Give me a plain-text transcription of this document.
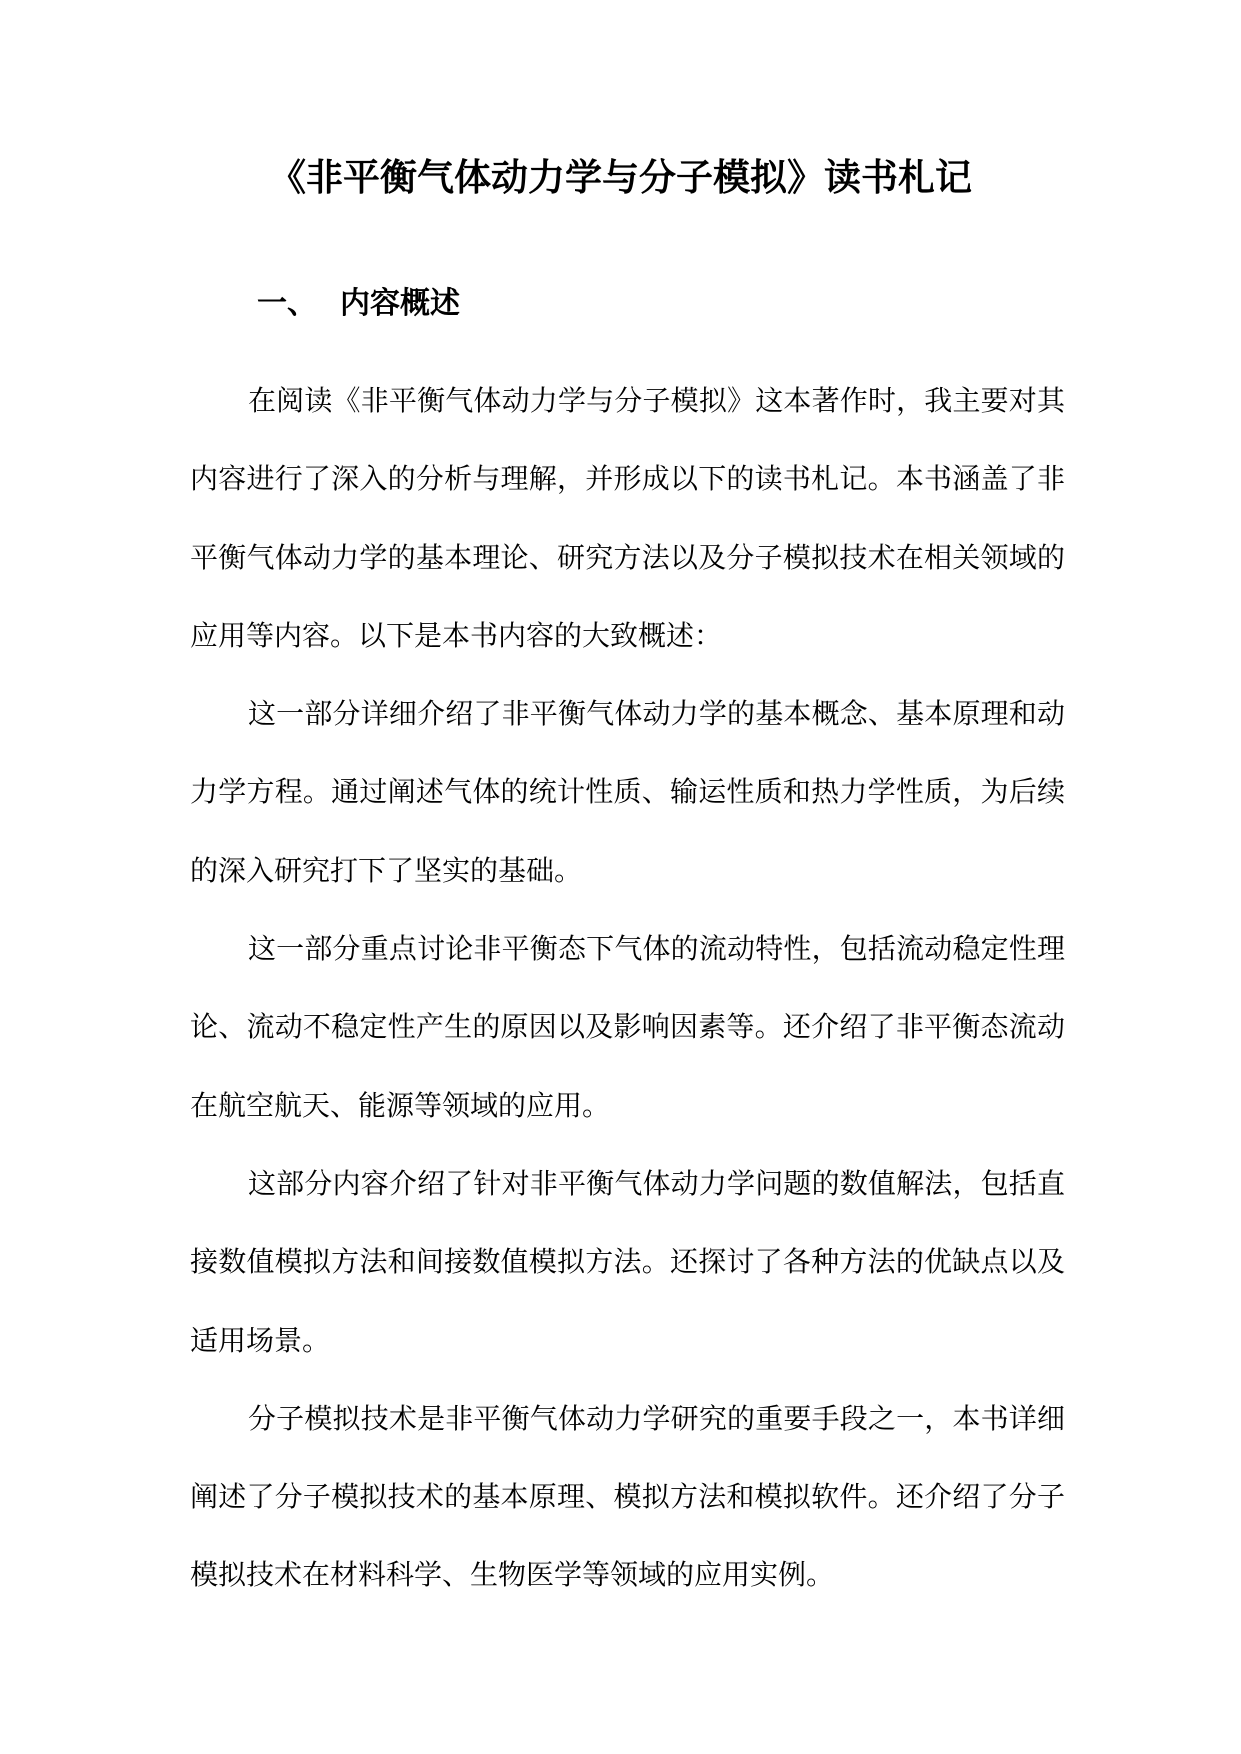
《非平衡气体动力学与分子模拟》读书札记
一、 内容概述

在阅读《非平衡气体动力学与分子模拟》这本著作时，我主要对其内容进行了深入的分析与理解，并形成以下的读书札记。本书涵盖了非平衡气体动力学的基本理论、研究方法以及分子模拟技术在相关领域的应用等内容。以下是本书内容的大致概述：

这一部分详细介绍了非平衡气体动力学的基本概念、基本原理和动力学方程。通过阐述气体的统计性质、输运性质和热力学性质，为后续的深入研究打下了坚实的基础。

这一部分重点讨论非平衡态下气体的流动特性，包括流动稳定性理论、流动不稳定性产生的原因以及影响因素等。还介绍了非平衡态流动在航空航天、能源等领域的应用。

这部分内容介绍了针对非平衡气体动力学问题的数值解法，包括直接数值模拟方法和间接数值模拟方法。还探讨了各种方法的优缺点以及适用场景。

分子模拟技术是非平衡气体动力学研究的重要手段之一，本书详细阐述了分子模拟技术的基本原理、模拟方法和模拟软件。还介绍了分子模拟技术在材料科学、生物医学等领域的应用实例。
